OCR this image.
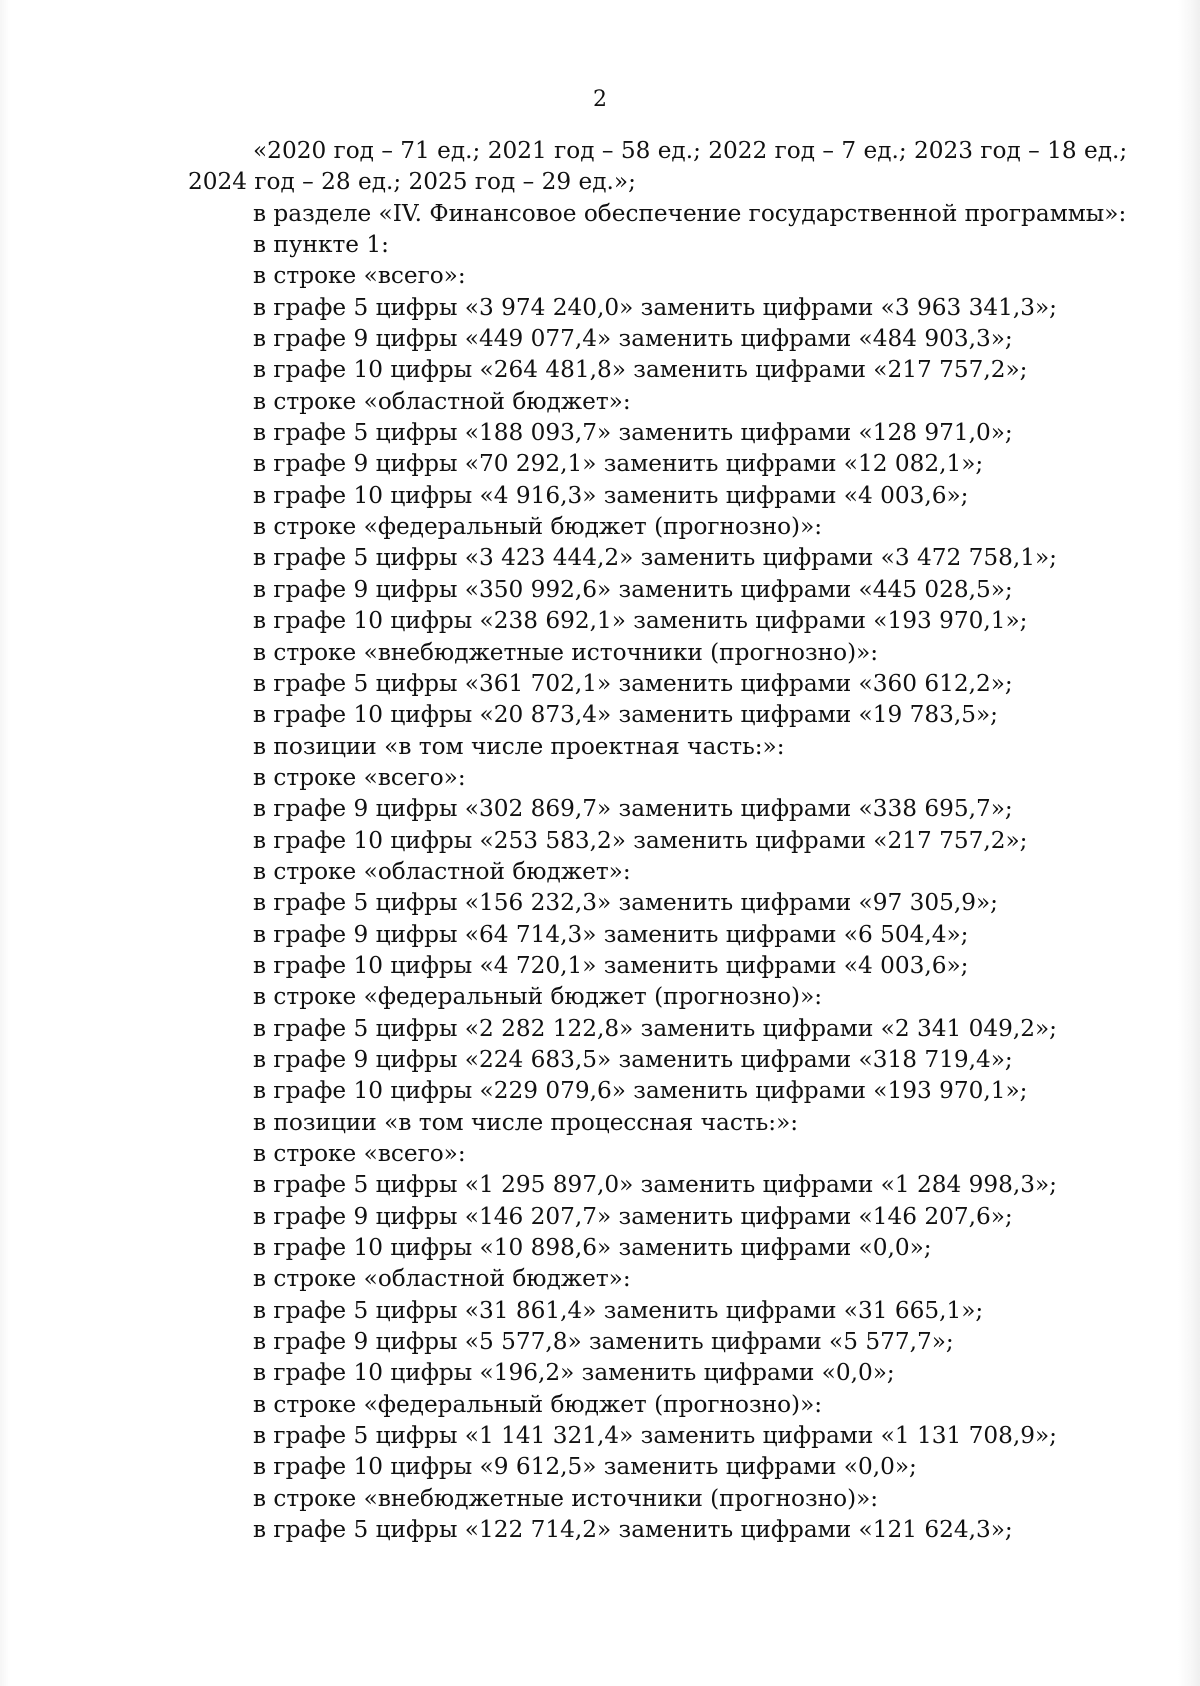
2
«2020 год – 71 ед.; 2021 год – 58 ед.; 2022 год – 7 ед.; 2023 год – 18 ед.;
2024 год – 28 ед.; 2025 год – 29 ед.»;
в разделе «IV. Финансовое обеспечение государственной программы»:
в пункте 1:
в строке «всего»:
в графе 5 цифры «3 974 240,0» заменить цифрами «3 963 341,3»;
в графе 9 цифры «449 077,4» заменить цифрами «484 903,3»;
в графе 10 цифры «264 481,8» заменить цифрами «217 757,2»;
в строке «областной бюджет»:
в графе 5 цифры «188 093,7» заменить цифрами «128 971,0»;
в графе 9 цифры «70 292,1» заменить цифрами «12 082,1»;
в графе 10 цифры «4 916,3» заменить цифрами «4 003,6»;
в строке «федеральный бюджет (прогнозно)»:
в графе 5 цифры «3 423 444,2» заменить цифрами «3 472 758,1»;
в графе 9 цифры «350 992,6» заменить цифрами «445 028,5»;
в графе 10 цифры «238 692,1» заменить цифрами «193 970,1»;
в строке «внебюджетные источники (прогнозно)»:
в графе 5 цифры «361 702,1» заменить цифрами «360 612,2»;
в графе 10 цифры «20 873,4» заменить цифрами «19 783,5»;
в позиции «в том числе проектная часть:»:
в строке «всего»:
в графе 9 цифры «302 869,7» заменить цифрами «338 695,7»;
в графе 10 цифры «253 583,2» заменить цифрами «217 757,2»;
в строке «областной бюджет»:
в графе 5 цифры «156 232,3» заменить цифрами «97 305,9»;
в графе 9 цифры «64 714,3» заменить цифрами «6 504,4»;
в графе 10 цифры «4 720,1» заменить цифрами «4 003,6»;
в строке «федеральный бюджет (прогнозно)»:
в графе 5 цифры «2 282 122,8» заменить цифрами «2 341 049,2»;
в графе 9 цифры «224 683,5» заменить цифрами «318 719,4»;
в графе 10 цифры «229 079,6» заменить цифрами «193 970,1»;
в позиции «в том числе процессная часть:»:
в строке «всего»:
в графе 5 цифры «1 295 897,0» заменить цифрами «1 284 998,3»;
в графе 9 цифры «146 207,7» заменить цифрами «146 207,6»;
в графе 10 цифры «10 898,6» заменить цифрами «0,0»;
в строке «областной бюджет»:
в графе 5 цифры «31 861,4» заменить цифрами «31 665,1»;
в графе 9 цифры «5 577,8» заменить цифрами «5 577,7»;
в графе 10 цифры «196,2» заменить цифрами «0,0»;
в строке «федеральный бюджет (прогнозно)»:
в графе 5 цифры «1 141 321,4» заменить цифрами «1 131 708,9»;
в графе 10 цифры «9 612,5» заменить цифрами «0,0»;
в строке «внебюджетные источники (прогнозно)»:
в графе 5 цифры «122 714,2» заменить цифрами «121 624,3»;
